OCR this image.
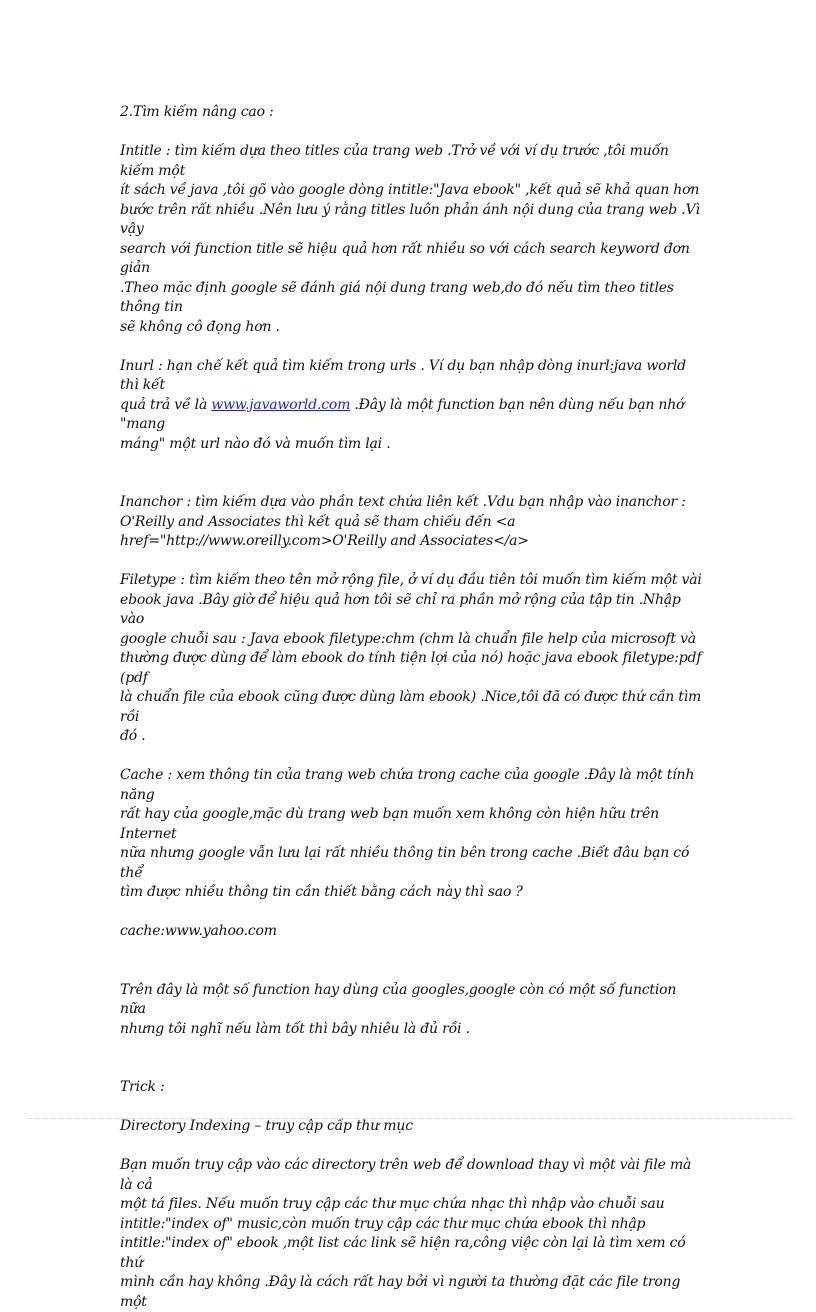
2.Tìm kiếm nâng cao :

Intitle : tìm kiếm dựa theo titles của trang web .Trở về với ví dụ trước ,tôi muốn kiếm một

ít sách về java ,tôi gõ vào google dòng intitle:"Java ebook" ,kết quả sẽ khả quan hơn

bước trên rất nhiều .Nên lưu ý rằng titles luôn phản ánh nội dung của trang web .Vì vậy

search với function title sẽ hiệu quả hơn rất nhiều so với cách search keyword đơn giản

.Theo mặc định google sẽ đánh giá nội dung trang web,do đó nếu tìm theo titles thông tin

sẽ không cô đọng hơn .

Inurl : hạn chế kết quả tìm kiếm trong urls . Ví dụ bạn nhập dòng inurl:java world thì kết

quả trả về là www.javaworld.com .Đây là một function bạn nên dùng nếu bạn nhớ "mang

máng" một url nào đó và muốn tìm lại .

Inanchor : tìm kiếm dựa vào phần text chứa liên kết .Vdu bạn nhập vào inanchor :

O'Reilly and Associates thì kết quả sẽ tham chiếu đến <a

href="http://www.oreilly.com>O'Reilly and Associates</a>

Filetype : tìm kiếm theo tên mở rộng file, ở ví dụ đầu tiên tôi muốn tìm kiếm một vài

ebook java .Bây giờ để hiệu quả hơn tôi sẽ chỉ ra phần mở rộng của tập tin .Nhập vào

google chuỗi sau : Java ebook filetype:chm (chm là chuẩn file help của microsoft và

thường được dùng để làm ebook do tính tiện lợi của nó) hoặc java ebook filetype:pdf (pdf

là chuẩn file của ebook cũng được dùng làm ebook) .Nice,tôi đã có được thứ cần tìm rồi

đó .

Cache : xem thông tin của trang web chứa trong cache của google .Đây là một tính năng

rất hay của google,mặc dù trang web bạn muốn xem không còn hiện hữu trên Internet

nữa nhưng google vẫn lưu lại rất nhiều thông tin bên trong cache .Biết đâu bạn có thể

tìm được nhiều thông tin cần thiết bằng cách này thì sao ?

cache:www.yahoo.com

Trên đây là một số function hay dùng của googles,google còn có một số function nữa

nhưng tôi nghĩ nếu làm tốt thì bây nhiêu là đủ rồi .

Trick :

Directory Indexing – truy cập cấp thư mục

Bạn muốn truy cập vào các directory trên web để download thay vì một vài file mà là cả

một tá files. Nếu muốn truy cập các thư mục chứa nhạc thì nhập vào chuỗi sau

intitle:"index of" music,còn muốn truy cập các thư mục chứa ebook thì nhập

intitle:"index of" ebook ,một list các link sẽ hiện ra,công việc còn lại là tìm xem có thứ

mình cần hay không .Đây là cách rất hay bởi vì người ta thường đặt các file trong một
